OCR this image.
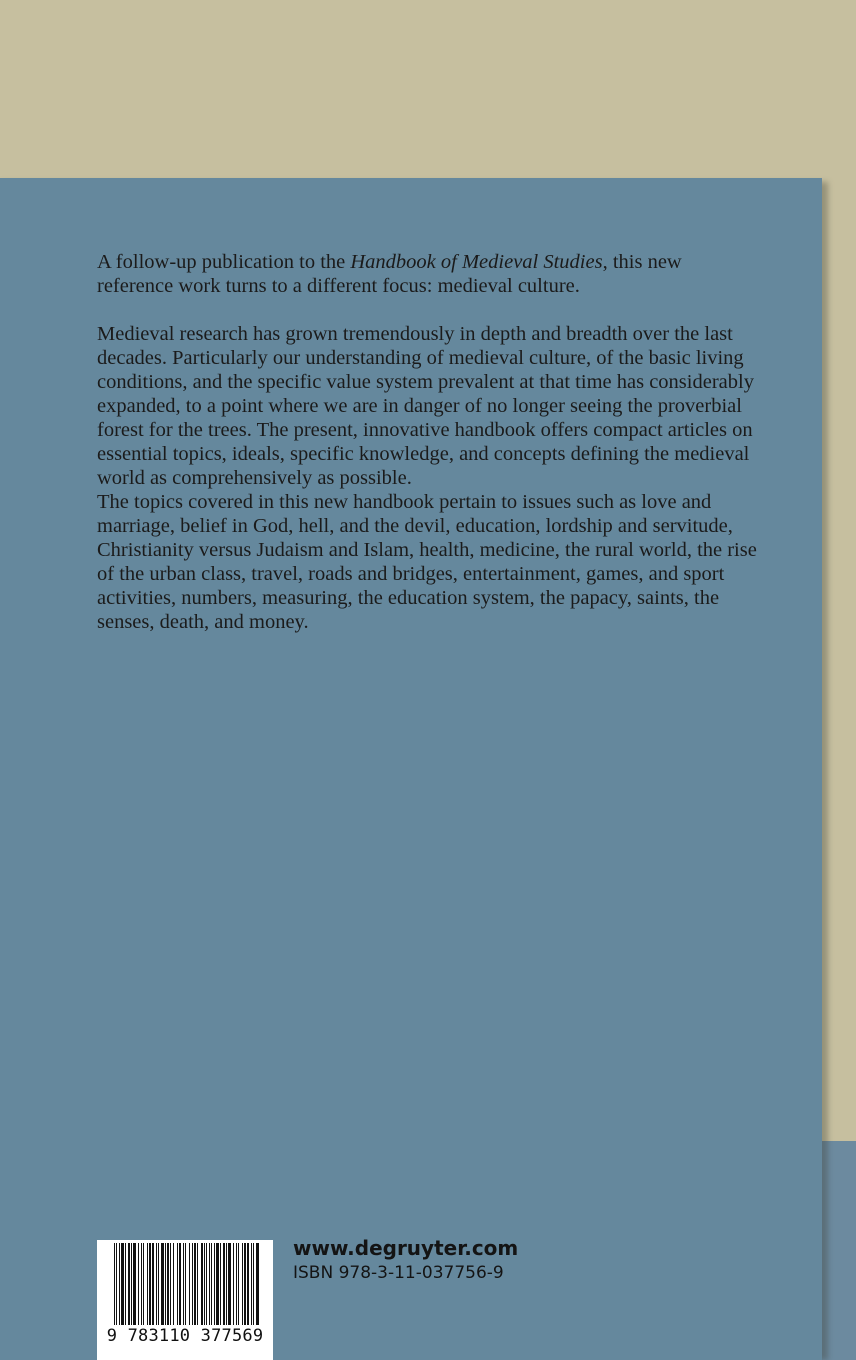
A follow-up publication to the Handbook of Medieval Studies, this new reference work turns to a different focus: medieval culture.

Medieval research has grown tremendously in depth and breadth over the last decades. Particularly our understanding of medieval culture, of the basic living conditions, and the specific value system prevalent at that time has considerably expanded, to a point where we are in danger of no longer seeing the proverbial forest for the trees. The present, innovative handbook offers compact articles on essential topics, ideals, specific knowledge, and concepts defining the medieval world as comprehensively as possible.

The topics covered in this new handbook pertain to issues such as love and marriage, belief in God, hell, and the devil, education, lordship and servitude, Christianity versus Judaism and Islam, health, medicine, the rural world, the rise of the urban class, travel, roads and bridges, entertainment, games, and sport activities, numbers, measuring, the education system, the papacy, saints, the senses, death, and money.

9 783110 377569
www.degruyter.com
ISBN 978-3-11-037756-9
